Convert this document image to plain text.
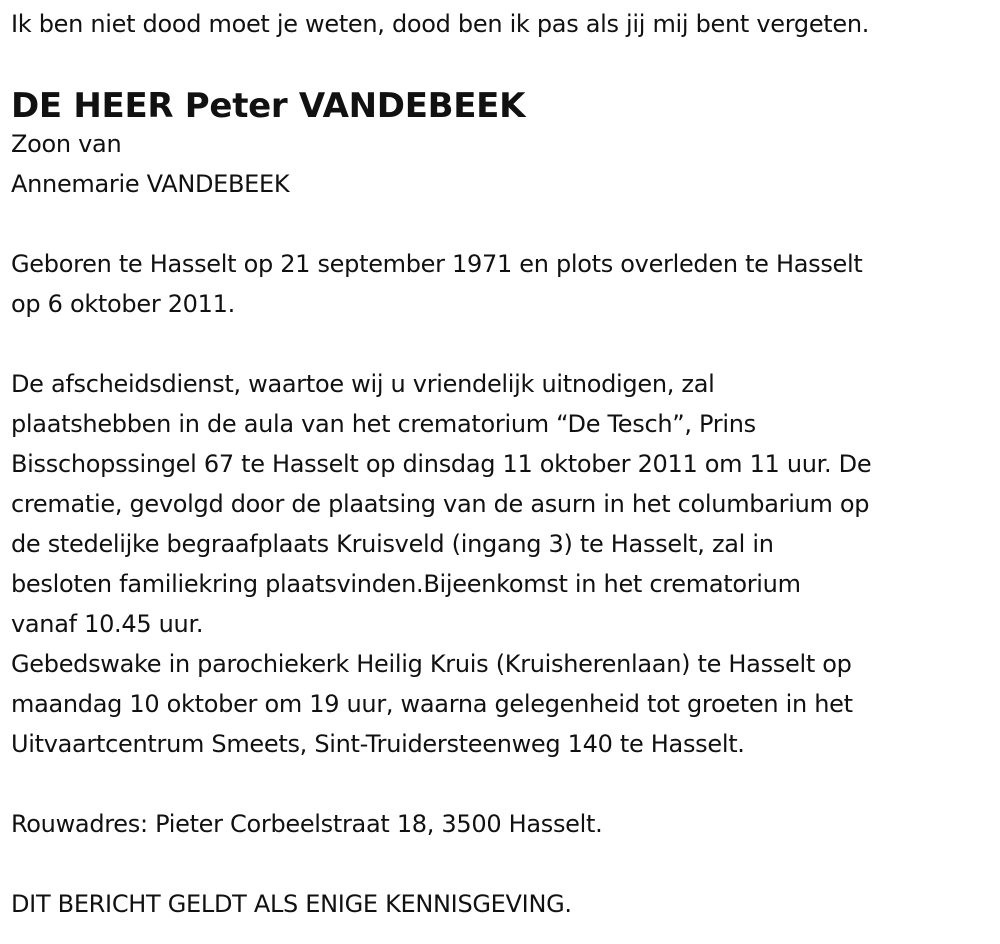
Ik ben niet dood moet je weten, dood ben ik pas als jij mij bent vergeten.
DE HEER Peter VANDEBEEK
Zoon van
Annemarie VANDEBEEK
Geboren te Hasselt op 21 september 1971 en plots overleden te Hasselt
op 6 oktober 2011.
De afscheidsdienst, waartoe wij u vriendelijk uitnodigen, zal
plaatshebben in de aula van het crematorium “De Tesch”, Prins
Bisschopssingel 67 te Hasselt op dinsdag 11 oktober 2011 om 11 uur. De
crematie, gevolgd door de plaatsing van de asurn in het columbarium op
de stedelijke begraafplaats Kruisveld (ingang 3) te Hasselt, zal in
besloten familiekring plaatsvinden.Bijeenkomst in het crematorium
vanaf 10.45 uur.
Gebedswake in parochiekerk Heilig Kruis (Kruisherenlaan) te Hasselt op
maandag 10 oktober om 19 uur, waarna gelegenheid tot groeten in het
Uitvaartcentrum Smeets, Sint-Truidersteenweg 140 te Hasselt.
Rouwadres: Pieter Corbeelstraat 18, 3500 Hasselt.
DIT BERICHT GELDT ALS ENIGE KENNISGEVING.
